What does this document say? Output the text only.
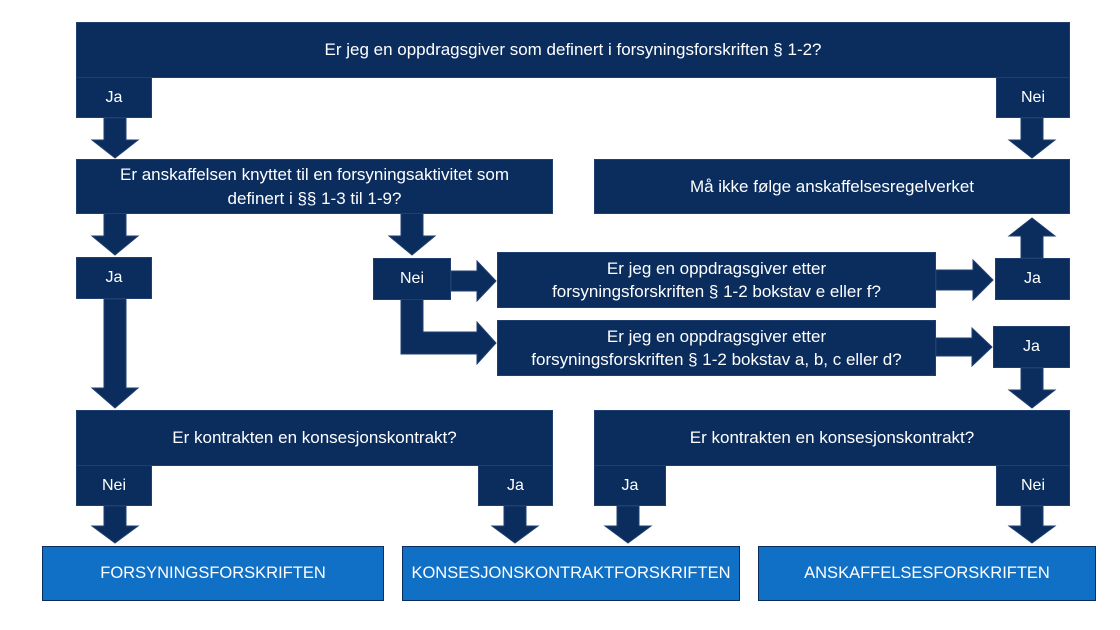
Er jeg en oppdragsgiver som definert i forsyningsforskriften § 1-2?
Ja	Nei
Er anskaffelsen knyttet til en forsyningsaktivitet som
definert i §§ 1-3 til 1-9?
Må ikke følge anskaffelsesregelverket
Ja	Nei
Er jeg en oppdragsgiver etter
forsyningsforskriften § 1-2 bokstav e eller f?
Ja
Er jeg en oppdragsgiver etter
forsyningsforskriften § 1-2 bokstav a, b, c eller d?
Ja
Er kontrakten en konsesjonskontrakt?
Nei	Ja
Er kontrakten en konsesjonskontrakt?
Ja	Nei
FORSYNINGSFORSKRIFTEN	KONSESJONSKONTRAKTFORSKRIFTEN	ANSKAFFELSESFORSKRIFTEN
